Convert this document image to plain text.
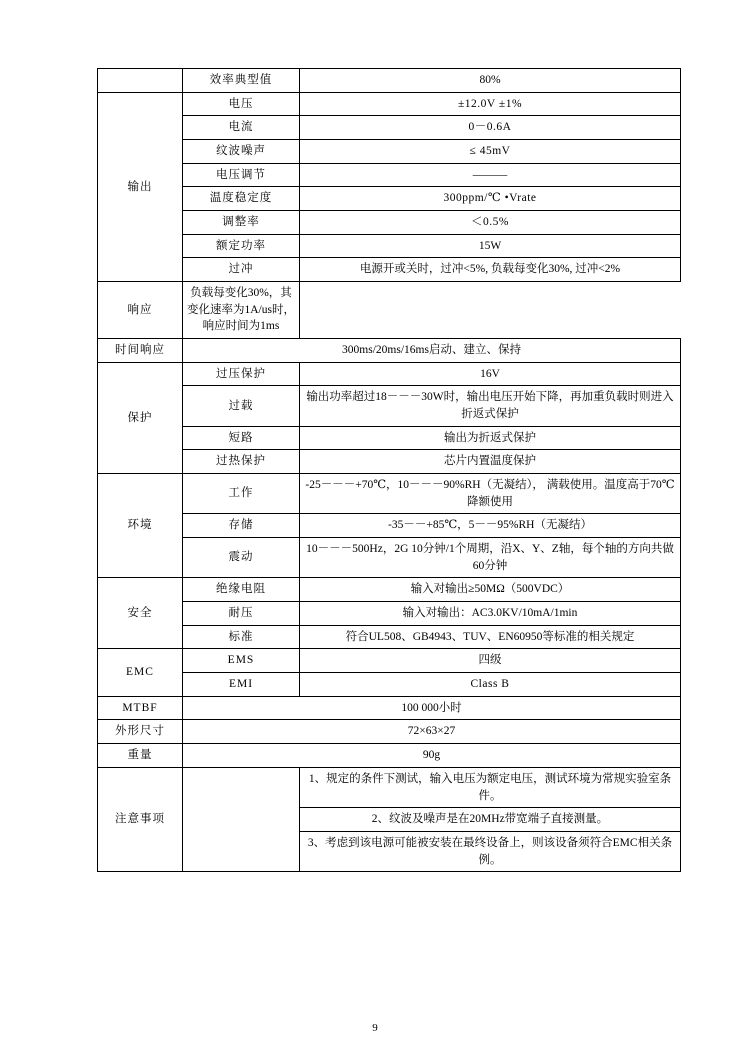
	效率典型值	80%
输出	电压	±12.0V ±1%
	电流	0－0.6A
	纹波噪声	≤ 45mV
	电压调节	———
	温度稳定度	300ppm/℃ •Vrate
	调整率	＜0.5%
	额定功率	15W
	过冲	电源开或关时，过冲<5%, 负载每变化30%, 过冲<2%
响应	负载每变化30%，其变化速率为1A/us时，响应时间为1ms	
时间响应	300ms/20ms/16ms启动、建立、保持	
保护	过压保护	16V
	过载	输出功率超过18－－－30W时，输出电压开始下降，再加重负载时则进入折返式保护
	短路	输出为折返式保护
	过热保护	芯片内置温度保护
环境	工作	-25－－－+70℃，10－－－90%RH（无凝结）， 满载使用。温度高于70℃降额使用
	存储	-35－－+85℃，5－－95%RH（无凝结）
	震动	10－－－500Hz，2G 10分钟/1个周期，沿X、Y、Z轴，每个轴的方向共做60分钟
安全	绝缘电阻	输入对输出≥50MΩ（500VDC）
	耐压	输入对输出：AC3.0KV/10mA/1min
	标准	符合UL508、GB4943、TUV、EN60950等标准的相关规定
EMC	EMS	四级
	EMI	Class B
MTBF	100 000小时	
外形尺寸	72×63×27	
重量	90g	
注意事项		1、规定的条件下测试，输入电压为额定电压，测试环境为常规实验室条件。
		2、纹波及噪声是在20MHz带宽端子直接测量。
		3、考虑到该电源可能被安装在最终设备上，则该设备须符合EMC相关条例。
9
